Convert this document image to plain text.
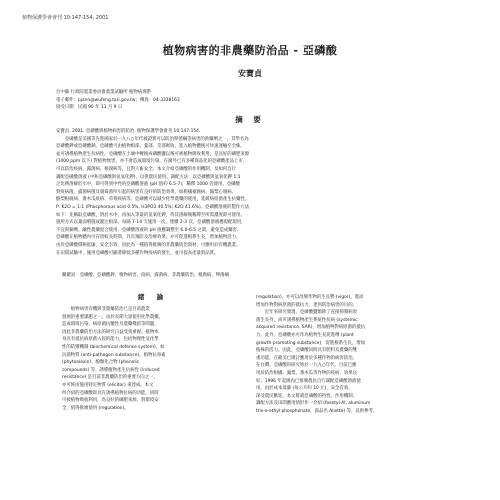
植物保護學會會刊 10:147-154, 2001
植物病害的非農藥防治品 - 亞磷酸
安寶貞
台中縣 行政院農業委員會農業試驗所 植物病理系
電子郵件：pjann@wufeng.tari.gov.tw；傳真：04-3338162
接受日期：民國 90 年 11 月 9 日
摘 要
安寶貞. 2001. 亞磷酸與植物病害的防治. 植物保護學會會刊 10:147-154.
　　亞磷酸是美國等先進國家於一九八○年代被證實可以防治卵菌綱等病害的新藥劑之一，其學名為
亞磷酸鉀或亞磷酸鈉。亞磷酸可由植物根部、葉部、莖部吸收，進入植物體後可快速運輸至全株，
並可誘導植物產生抗病性。亞磷酸在土壤中轉換成磷酸鹽以後可被植物吸收利用，是良好的磷肥來源
(1000 ppm 以下) 對植物無害，亦不會造成環境污染。在國外已有多種商品化的亞磷酸產品上市，
可以防治疫病、露菌病、根腐病等，且對人畜安全。本文介紹亞磷酸的作用機制，及如何自行
調配亞磷酸溶液 (中和亞磷酸與氫氧化鉀)，以供農民使用。調配方法：以亞磷酸與氫氧化鉀 1:1
之比例溶解於水中，即可得到中性的亞磷酸溶液 (pH 值約 6.5-7)，稀釋 1000 倍使用。亞磷酸
對疫病菌、露菌病菌及腐霉菌所引起的病害有良好的防治效果，如柑橘裾腐病、鳳梨心腐病、
酪梨根腐病、番木瓜疫病、草莓疫病等。亞磷酸可以減少化學農藥的使用，延緩病原菌產生抗藥性。
P: K2O = 1:1 (Phosphorous acid 0.5%, H3PO3 40.5%; K2O 41.6%)。亞磷酸溶液的製作方法
如下：先稱取亞磷酸，溶於水中，再加入等量的氫氧化鉀，待其溶解後稀釋至所需濃度即可使用。
施用方式以葉面噴施或灌注根部，每隔 7-14 天施用一次，連續 2-3 次。亞磷酸溶液應現配現用，
不宜與銅劑、鹼性農藥混合使用。亞磷酸溶液的 pH 值應調整至 6.0-6.5 之間，避免造成藥害。
亞磷酸在植物體內可存留較長時間，具有預防及治療效果，亦可促進根系生長，增加植物活力。
由於亞磷酸價格低廉、安全有效，因此為一種值得推廣的非農藥防治資材，可應用於有機農業。
在田間試驗中，施用亞磷酸可顯著降低多種作物疫病的發生，並可提高產量與品質。
關鍵詞：亞磷酸、亞磷酸鉀、植物病害、疫病、露菌病、非農藥防治、根腐病、卵菌綱
緒 論
　　植物病害有機與非農藥防治已是目前農業
發展的重要課題之一。由於長期大量使用化學農藥，
造成環境污染、病原菌抗藥性及農藥殘留等問題，
因此非農藥防治方法的研究日益受到重視。植物本
身具有抵抗病原菌入侵的能力，包括物理性及化學
性的防禦機制 (biochemical defense system)，如
抗菌物質 (anti-pathogen substance)、植物抗毒素
(phytoalexin)、酚類化合物 (phenolic
compounds) 等。誘導植物產生抗病性 (induced
resistance) 是目前非農藥防治的重要方向之一，
亦可經由施用特定物質 (elicitor) 來達成。本文
所介紹的亞磷酸即具有誘導植物抗病的功能，同時
可被植物吸收利用，為良好的磷肥來源，對環境安
全，值得推廣使用 (regulation)。
(regulation)，亦可以改變作物的生長勢 (vigor)，進而
增加作物對病原菌的抵抗力，達到防治病害的目的。
　　近年來研究發現，亞磷酸鹽類除了直接抑制病原
菌生長外，尚可誘導植物產生系統性抗病 (systemic
acquired resistance, SAR)，增加植物對病原菌的抵抗
力。此外，亞磷酸亦可作為植物生長促進劑 (plant
growth-promoting substance)，促進根系生長，增加
植株的活力。因此，亞磷酸同時具有肥料及農藥的雙
重功能，在歐美已廣泛應用於多種作物的病害防治。
在台灣，亞磷酸的研究始於一九九○年代，目前已應
用於防治柑橘、鳳梨、番木瓜等作物的疫病，效果良
好。1996 年起國內已推廣農民自行調配亞磷酸溶液使
用，由於成本低廉 (每公升約 10 元)，安全有效，
深受農民歡迎。本文將就亞磷酸的特性、作用機制、
調配方法及田間應用情形作一介紹 (fosetyl-Al, aluminum
tris-o-ethyl phosphonate，商品名 Aliette) 等，以供參考。
